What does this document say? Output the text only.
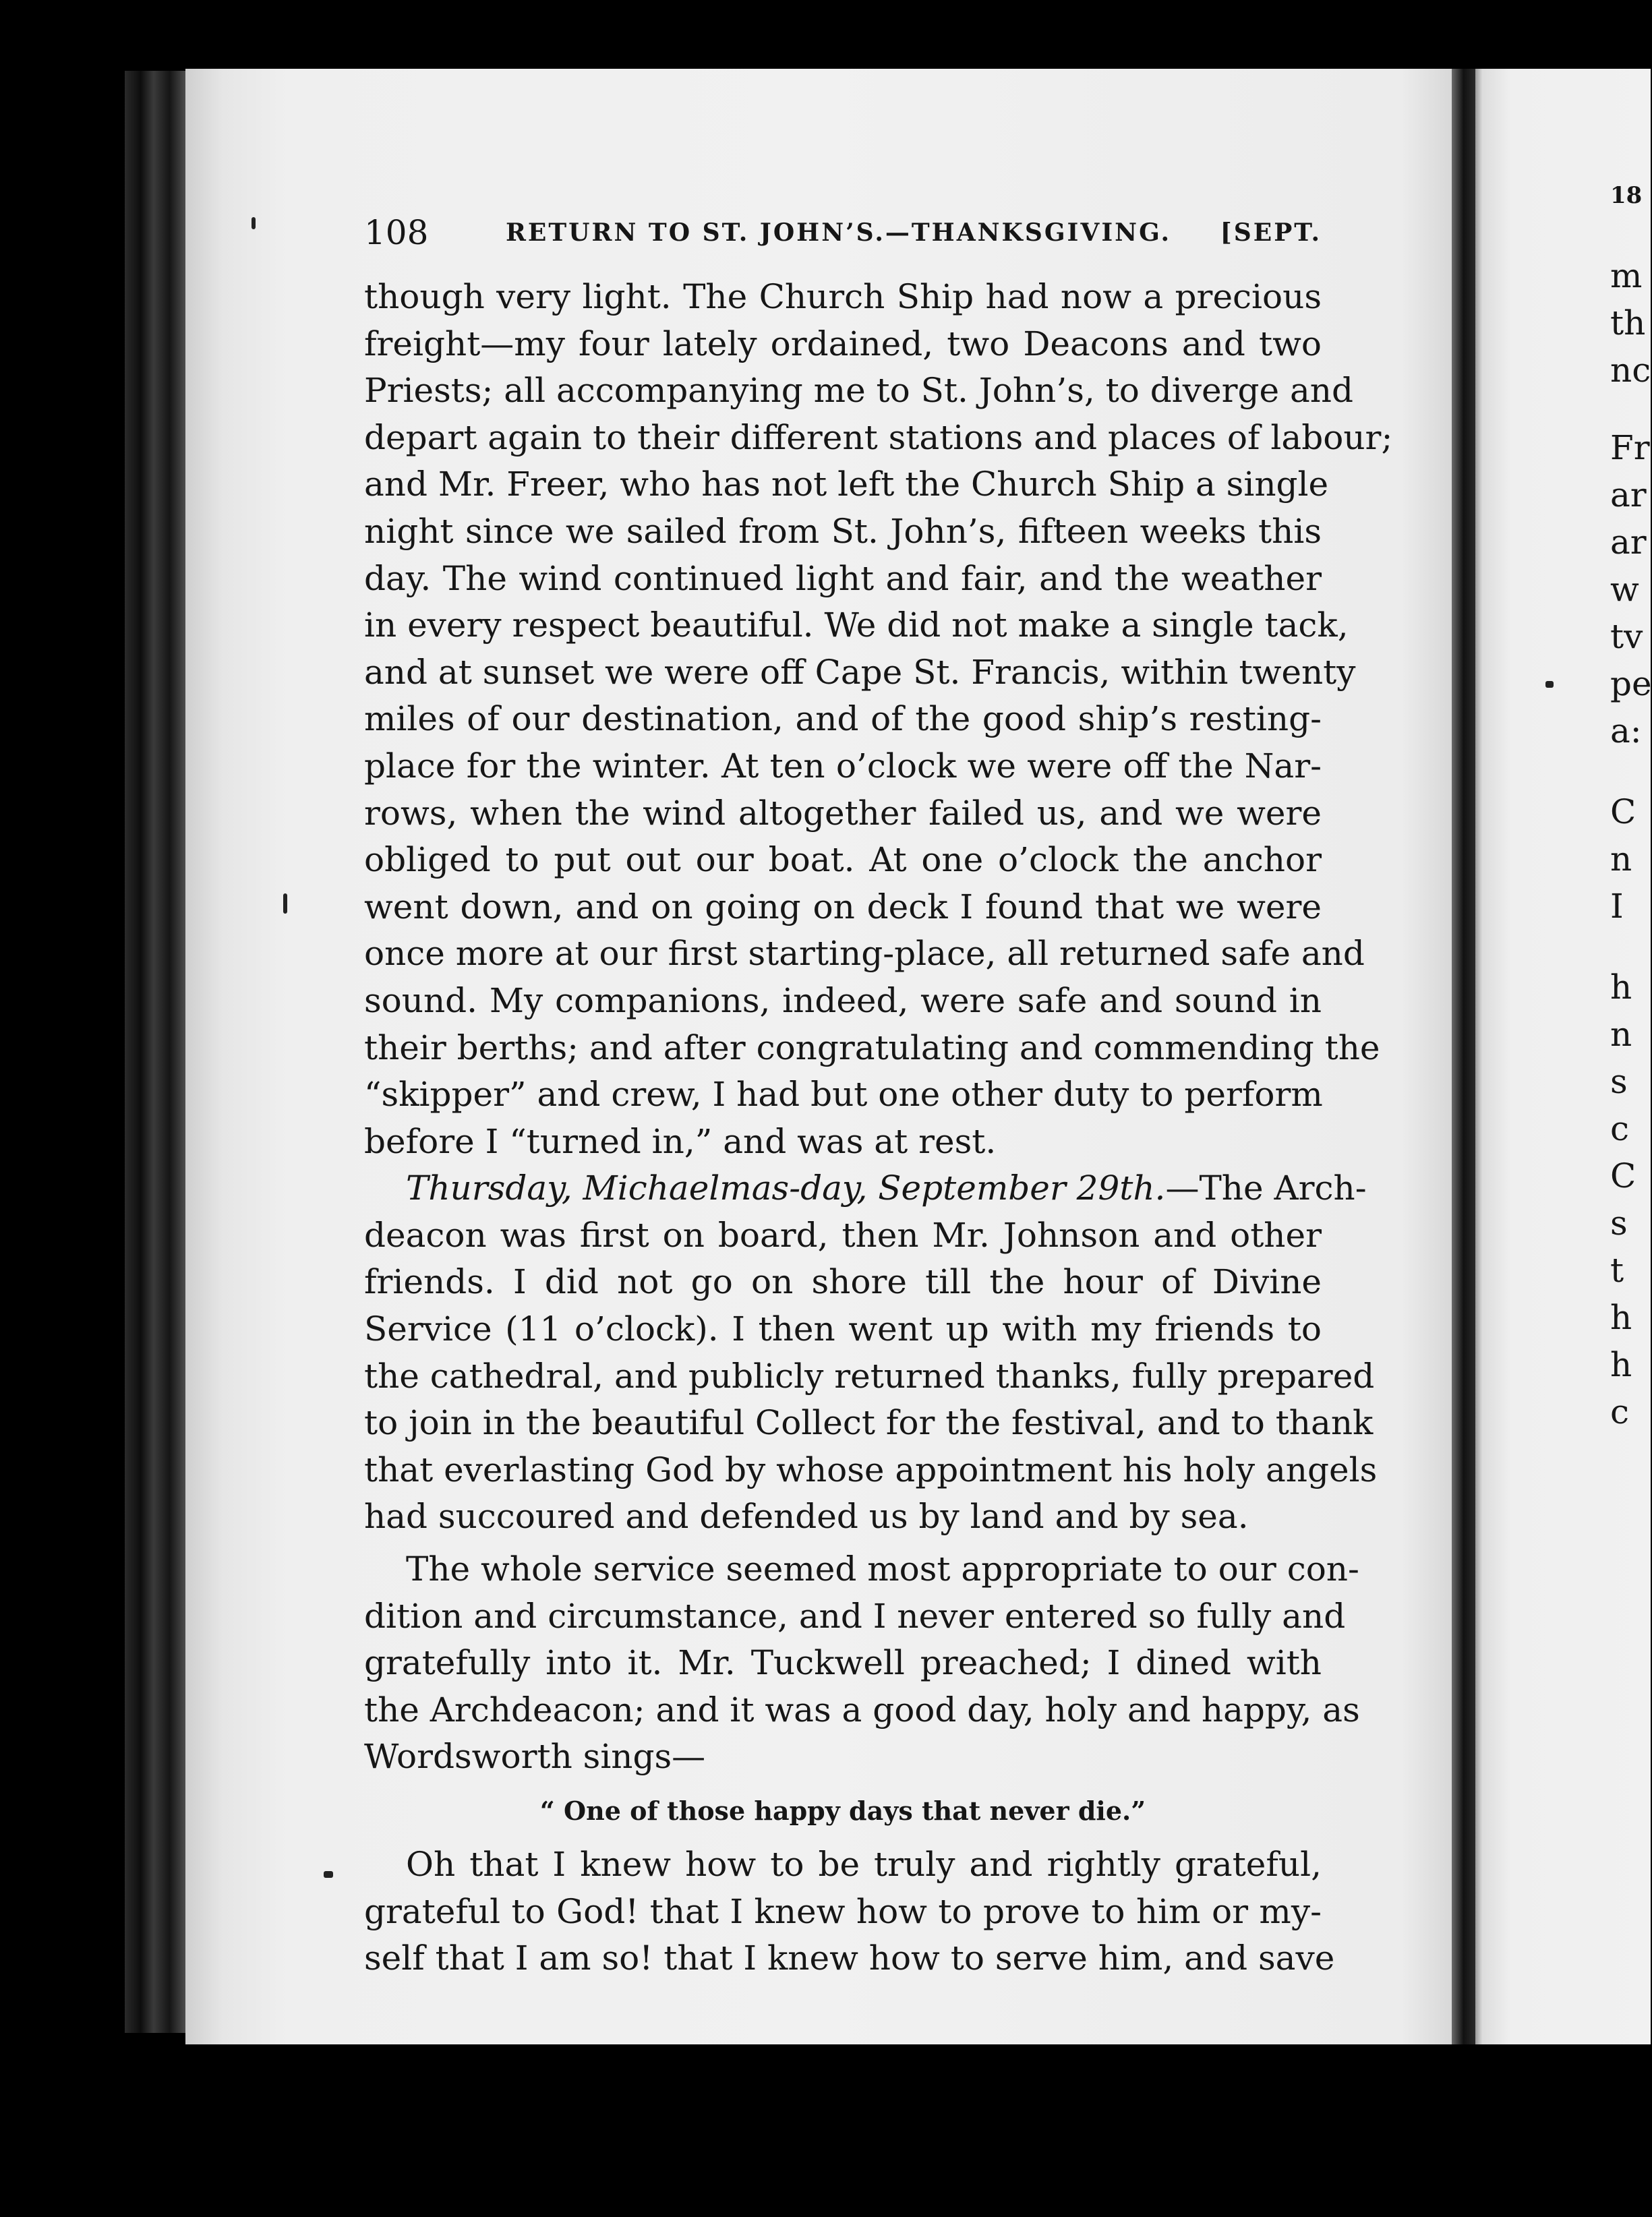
108	RETURN TO ST. JOHN’S.—THANKSGIVING. [SEPT.
though very light. The Church Ship had now a precious
freight—my four lately ordained, two Deacons and two
Priests; all accompanying me to St. John’s, to diverge and
depart again to their different stations and places of labour;
and Mr. Freer, who has not left the Church Ship a single
night since we sailed from St. John’s, fifteen weeks this
day. The wind continued light and fair, and the weather
in every respect beautiful. We did not make a single tack,
and at sunset we were off Cape St. Francis, within twenty
miles of our destination, and of the good ship’s resting-
place for the winter. At ten o’clock we were off the Nar-
rows, when the wind altogether failed us, and we were
obliged to put out our boat. At one o’clock the anchor
went down, and on going on deck I found that we were
once more at our first starting-place, all returned safe and
sound. My companions, indeed, were safe and sound in
their berths; and after congratulating and commending the
“skipper” and crew, I had but one other duty to perform
before I “turned in,” and was at rest.
Thursday, Michaelmas-day, September 29th.—The Arch-
deacon was first on board, then Mr. Johnson and other
friends. I did not go on shore till the hour of Divine
Service (11 o’clock). I then went up with my friends to
the cathedral, and publicly returned thanks, fully prepared
to join in the beautiful Collect for the festival, and to thank
that everlasting God by whose appointment his holy angels
had succoured and defended us by land and by sea.
The whole service seemed most appropriate to our con-
dition and circumstance, and I never entered so fully and
gratefully into it. Mr. Tuckwell preached; I dined with
the Archdeacon; and it was a good day, holy and happy, as
Wordsworth sings—
“ One of those happy days that never die.”
Oh that I knew how to be truly and rightly grateful,
grateful to God! that I knew how to prove to him or my-
self that I am so! that I knew how to serve him, and save
18
m
th
nc
Fr
ar
ar
w
tv
pe
a:
C
n
I
h
n
s
c
C
s
t
h
h
c
